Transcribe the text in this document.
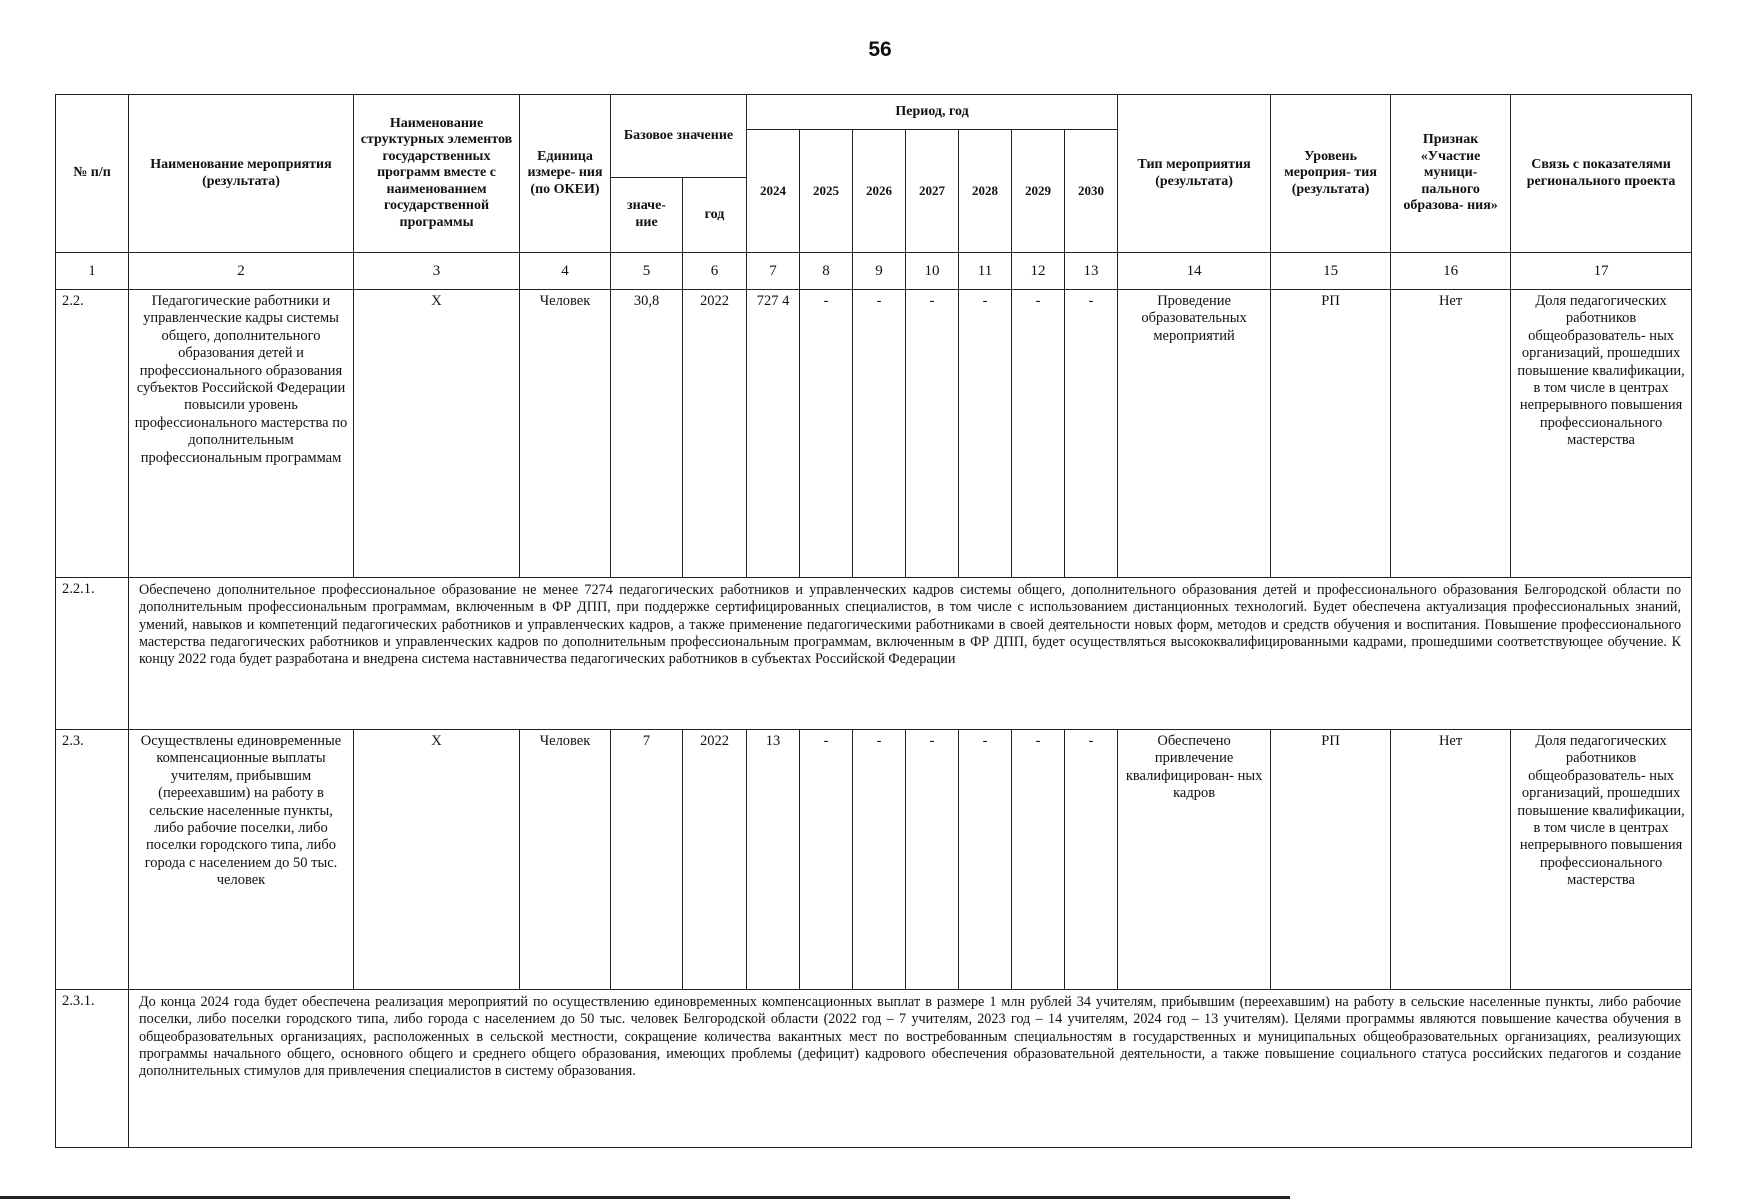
56
№ п/п	Наименование мероприятия (результата)	Наименование структурных элементов государственных программ вместе с наименованием государственной программы	Единица измере- ния (по ОКЕИ)	Базовое значение		Период, год							Тип мероприятия (результата)	Уровень мероприя- тия (результата)	Признак «Участие муници- пального образова- ния»	Связь с показателями регионального проекта
						2024	2025	2026	2027	2028	2029	2030				
				значе- ние	год											
1	2	3	4	5	6	7	8	9	10	11	12	13	14	15	16	17
2.2.	Педагогические работники и управленческие кадры системы общего, дополнительного образования детей и профессионального образования субъектов Российской Федерации повысили уровень профессионального мастерства по дополнительным профессиональным программам	X	Человек	30,8	2022	727 4	-	-	-	-	-	-	Проведение образовательных мероприятий	РП	Нет	Доля педагогических работников общеобразователь- ных организаций, прошедших повышение квалификации, в том числе в центрах непрерывного повышения профессионального мастерства
2.2.1.	Обеспечено дополнительное профессиональное образование не менее 7274 педагогических работников и управленческих кадров системы общего, дополнительного образования детей и профессионального образования Белгородской области по дополнительным профессиональным программам, включенным в ФР ДПП, при поддержке сертифицированных специалистов, в том числе с использованием дистанционных технологий. Будет обеспечена актуализация профессиональных знаний, умений, навыков и компетенций педагогических работников и управленческих кадров, а также применение педагогическими работниками в своей деятельности новых форм, методов и средств обучения и воспитания. Повышение профессионального мастерства педагогических работников и управленческих кадров по дополнительным профессиональным программам, включенным в ФР ДПП, будет осуществляться высококвалифицированными кадрами, прошедшими соответствующее обучение. К концу 2022 года будет разработана и внедрена система наставничества педагогических работников в субъектах Российской Федерации															
2.3.	Осуществлены единовременные компенсационные выплаты учителям, прибывшим (переехавшим) на работу в сельские населенные пункты, либо рабочие поселки, либо поселки городского типа, либо города с населением до 50 тыс. человек	X	Человек	7	2022	13	-	-	-	-	-	-	Обеспечено привлечение квалифицирован- ных кадров	РП	Нет	Доля педагогических работников общеобразователь- ных организаций, прошедших повышение квалификации, в том числе в центрах непрерывного повышения профессионального мастерства
2.3.1.	До конца 2024 года будет обеспечена реализация мероприятий по осуществлению единовременных компенсационных выплат в размере 1 млн рублей 34 учителям, прибывшим (переехавшим) на работу в сельские населенные пункты, либо рабочие поселки, либо поселки городского типа, либо города с населением до 50 тыс. человек Белгородской области (2022 год – 7 учителям, 2023 год – 14 учителям, 2024 год – 13 учителям). Целями программы являются повышение качества обучения в общеобразовательных организациях, расположенных в сельской местности, сокращение количества вакантных мест по востребованным специальностям в государственных и муниципальных общеобразовательных организациях, реализующих программы начального общего, основного общего и среднего общего образования, имеющих проблемы (дефицит) кадрового обеспечения образовательной деятельности, а также повышение социального статуса российских педагогов и создание дополнительных стимулов для привлечения специалистов в систему образования.															
